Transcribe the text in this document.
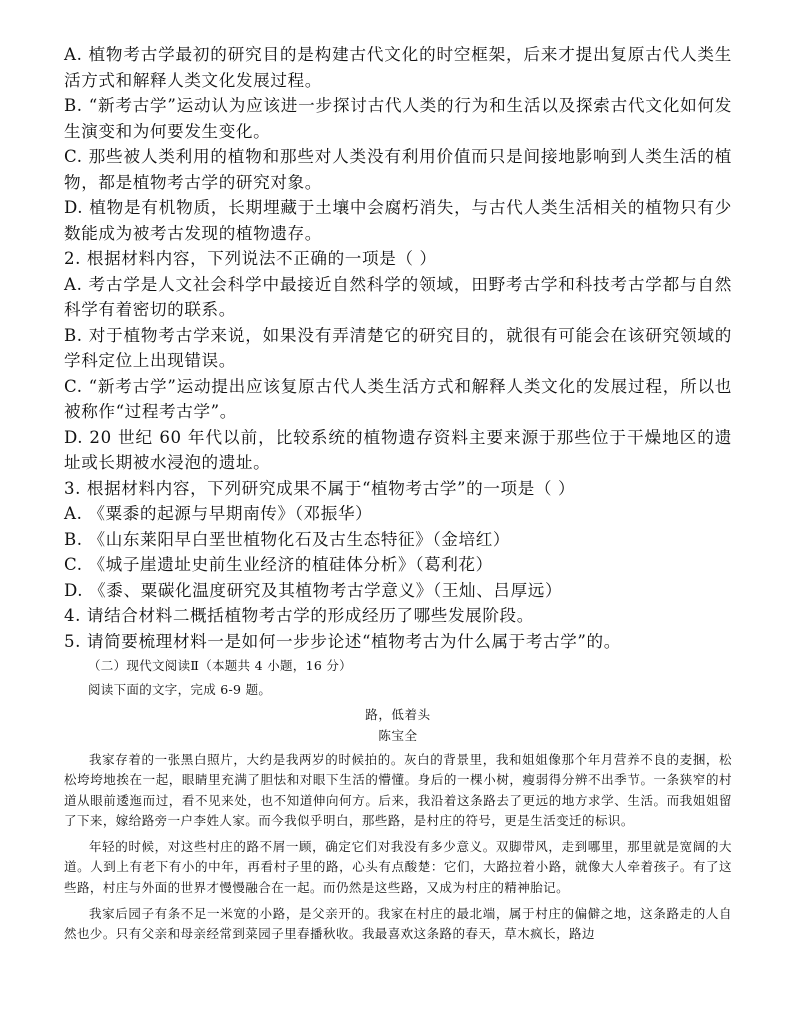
A. 植物考古学最初的研究目的是构建古代文化的时空框架，后来才提出复原古代人类生活方式和解释人类文化发展过程。

B. “新考古学”运动认为应该进一步探讨古代人类的行为和生活以及探索古代文化如何发生演变和为何要发生变化。

C. 那些被人类利用的植物和那些对人类没有利用价值而只是间接地影响到人类生活的植物，都是植物考古学的研究对象。

D. 植物是有机物质，长期埋藏于土壤中会腐朽消失，与古代人类生活相关的植物只有少数能成为被考古发现的植物遗存。

2. 根据材料内容，下列说法不正确的一项是（ ）

A. 考古学是人文社会科学中最接近自然科学的领域，田野考古学和科技考古学都与自然科学有着密切的联系。

B. 对于植物考古学来说，如果没有弄清楚它的研究目的，就很有可能会在该研究领域的学科定位上出现错误。

C. “新考古学”运动提出应该复原古代人类生活方式和解释人类文化的发展过程，所以也被称作“过程考古学”。

D. 20 世纪 60 年代以前，比较系统的植物遗存资料主要来源于那些位于干燥地区的遗址或长期被水浸泡的遗址。

3. 根据材料内容，下列研究成果不属于“植物考古学”的一项是（ ）

A. 《粟黍的起源与早期南传》（邓振华）

B. 《山东莱阳早白垩世植物化石及古生态特征》（金培红）

C. 《城子崖遗址史前生业经济的植硅体分析》（葛利花）

D. 《黍、粟碳化温度研究及其植物考古学意义》（王灿、吕厚远）

4. 请结合材料二概括植物考古学的形成经历了哪些发展阶段。

5. 请简要梳理材料一是如何一步步论述“植物考古为什么属于考古学”的。

（二）现代文阅读Ⅱ（本题共 4 小题，16 分）

阅读下面的文字，完成 6-9 题。

路，低着头

陈宝全

我家存着的一张黑白照片，大约是我两岁的时候拍的。灰白的背景里，我和姐姐像那个年月营养不良的麦捆，松松垮垮地挨在一起，眼睛里充满了胆怯和对眼下生活的懵懂。身后的一棵小树，瘦弱得分辨不出季节。一条狭窄的村道从眼前逶迤而过，看不见来处，也不知道伸向何方。后来，我沿着这条路去了更远的地方求学、生活。而我姐姐留了下来，嫁给路旁一户李姓人家。而今我似乎明白，那些路，是村庄的符号，更是生活变迁的标识。

年轻的时候，对这些村庄的路不屑一顾，确定它们对我没有多少意义。双脚带风，走到哪里，那里就是宽阔的大道。人到上有老下有小的中年，再看村子里的路，心头有点酸楚：它们，大路拉着小路，就像大人牵着孩子。有了这些路，村庄与外面的世界才慢慢融合在一起。而仍然是这些路，又成为村庄的精神胎记。

我家后园子有条不足一米宽的小路，是父亲开的。我家在村庄的最北端，属于村庄的偏僻之地，这条路走的人自然也少。只有父亲和母亲经常到菜园子里春播秋收。我最喜欢这条路的春天，草木疯长，路边
